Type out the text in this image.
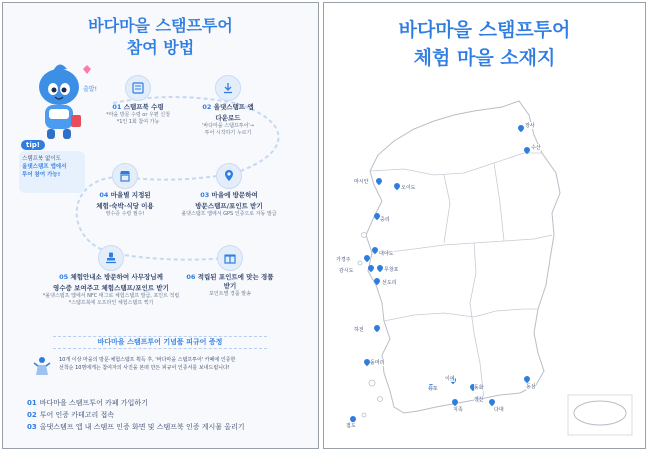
바다마을 스탬프투어
참여 방법
출발!
tip!
스탬프북 없이도
올댓스탬프 앱에서
투어 참여 가능!
01 스탬프북 수령
*마을 방문 수령 or 우편 신청
*1인 1회 참여 가능
02 올댓스탬프 앱
다운로드
'바다마을 스탬프투어'→
투어 시작하기 누르기
04 마을별 지정된
체험·숙박·식당 이용
영수증 수령 필수!
03 마을에 방문하여
방문스탬프/포인트 받기
올댓스탬프 앱에서 GPS 인증으로 자동 발급
05 체험안내소 방문하여 사무장님께
영수증 보여주고 체험스탬프/포인트 받기
*올댓스탬프 앱에서 NFC 태그로 체험스탬프 발급, 포인트 적립
*스탬프북에 오프라인 체험스탬프 찍기
06 적립된 포인트에 맞는 경품 받기
포인트별 경품 발송
바다마을 스탬프투어 기념품 피규어 증정
10개 이상 마을의 방문·체험스탬프 획득 후, '바다마을 스탬프투어' 카페에 인증한
선착순 10명에게는 참여자의 사진을 본떠 만든 피규어 인증서를 보내드립니다!
01 바다마을 스탬프투어 카페 가입하기
02 투어 인증 카테고리 접속
03 올댓스탬프 앱 내 스탬프 인증 화면 및 스탬프북 인증 게시물 올리기
바다마을 스탬프투어
체험 마을 소재지
장사
수산
마시안
오이도
중리
대야도
가경주
감시도	무창포
선도리
하전
돌머리
이여
유포	동화
장산
지족	다대
동삼
접도
